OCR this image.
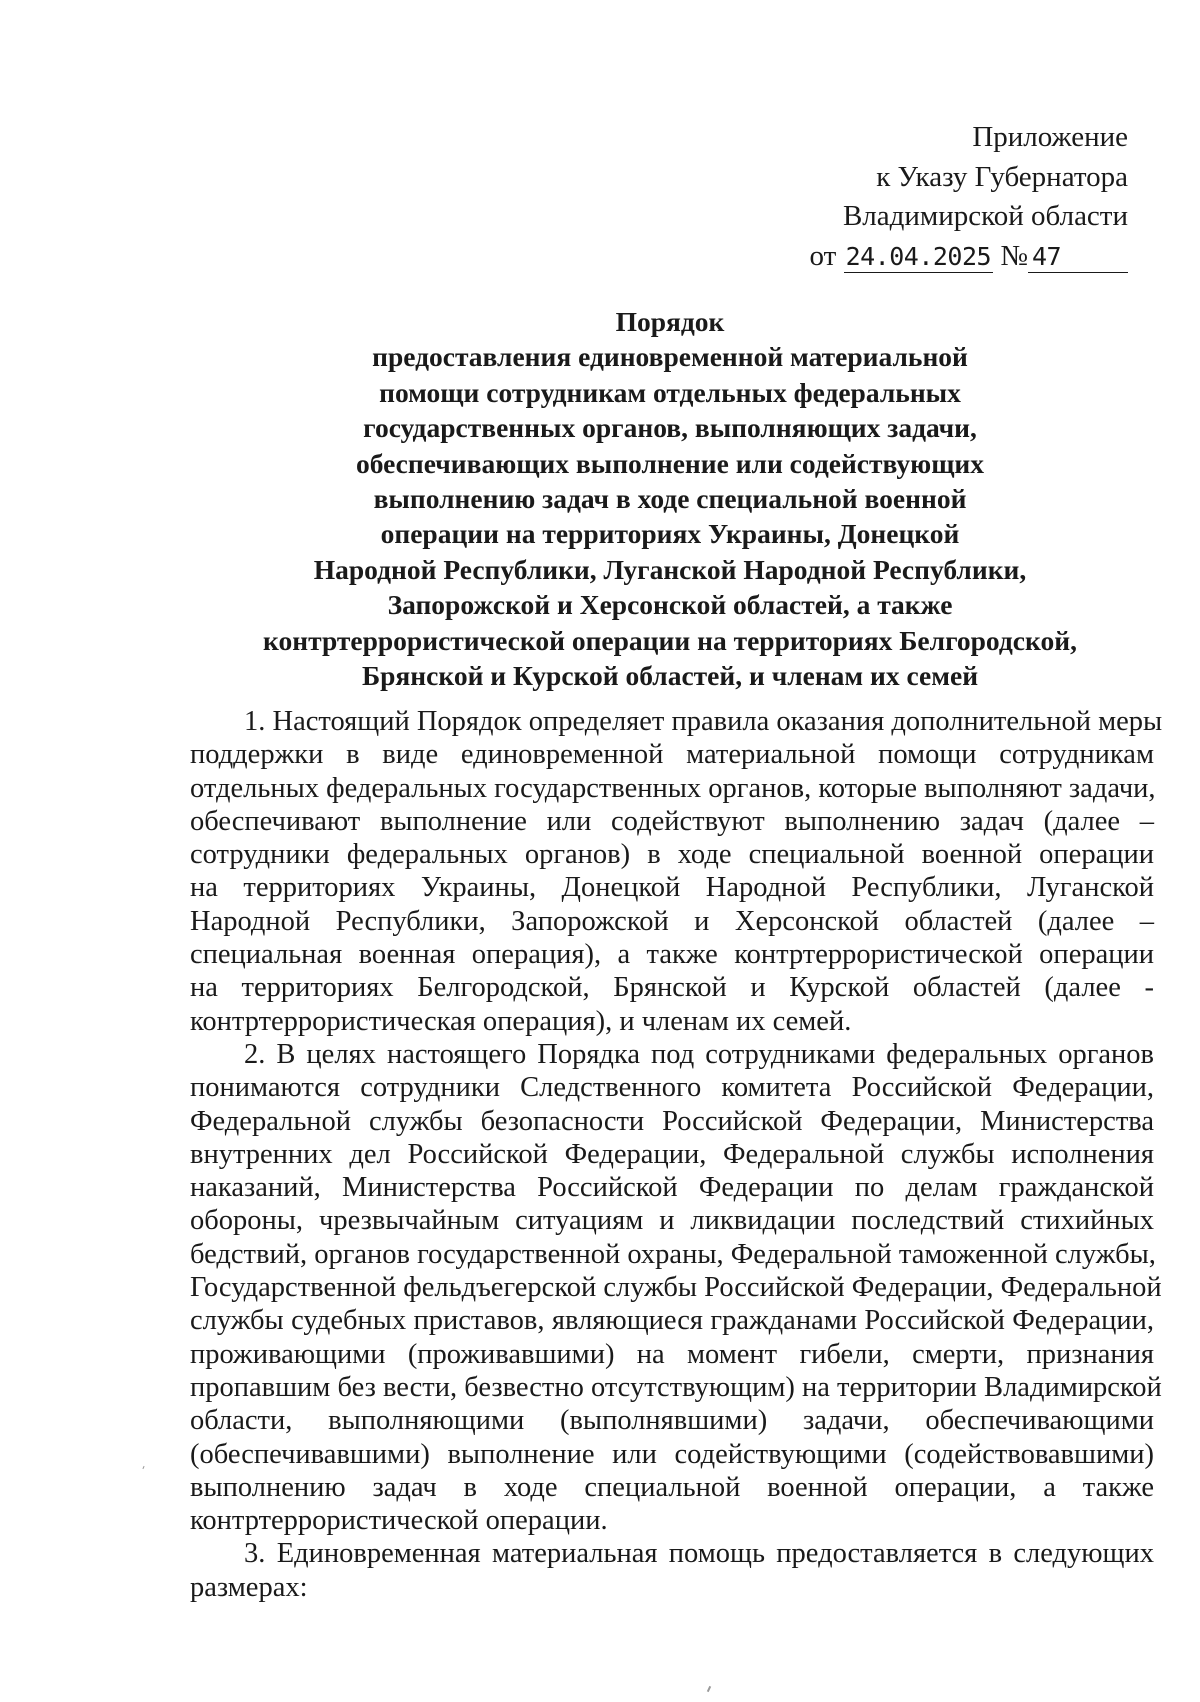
Приложение
к Указу Губернатора
Владимирской области
от 24.04.2025 № 47
Порядок
предоставления единовременной материальной
помощи сотрудникам отдельных федеральных
государственных органов, выполняющих задачи,
обеспечивающих выполнение или содействующих
выполнению задач в ходе специальной военной
операции на территориях Украины, Донецкой
Народной Республики, Луганской Народной Республики,
Запорожской и Херсонской областей, а также
контртеррористической операции на территориях Белгородской,
Брянской и Курской областей, и членам их семей
1. Настоящий Порядок определяет правила оказания дополнительной меры
поддержки в виде единовременной материальной помощи сотрудникам
отдельных федеральных государственных органов, которые выполняют задачи,
обеспечивают выполнение или содействуют выполнению задач (далее –
сотрудники федеральных органов) в ходе специальной военной операции
на территориях Украины, Донецкой Народной Республики, Луганской
Народной Республики, Запорожской и Херсонской областей (далее –
специальная военная операция), а также контртеррористической операции
на территориях Белгородской, Брянской и Курской областей (далее -
контртеррористическая операция), и членам их семей.
2. В целях настоящего Порядка под сотрудниками федеральных органов
понимаются сотрудники Следственного комитета Российской Федерации,
Федеральной службы безопасности Российской Федерации, Министерства
внутренних дел Российской Федерации, Федеральной службы исполнения
наказаний, Министерства Российской Федерации по делам гражданской
обороны, чрезвычайным ситуациям и ликвидации последствий стихийных
бедствий, органов государственной охраны, Федеральной таможенной службы,
Государственной фельдъегерской службы Российской Федерации, Федеральной
службы судебных приставов, являющиеся гражданами Российской Федерации,
проживающими (проживавшими) на момент гибели, смерти, признания
пропавшим без вести, безвестно отсутствующим) на территории Владимирской
области, выполняющими (выполнявшими) задачи, обеспечивающими
(обеспечивавшими) выполнение или содействующими (содействовавшими)
выполнению задач в ходе специальной военной операции, а также
контртеррористической операции.
3. Единовременная материальная помощь предоставляется в следующих
размерах:
